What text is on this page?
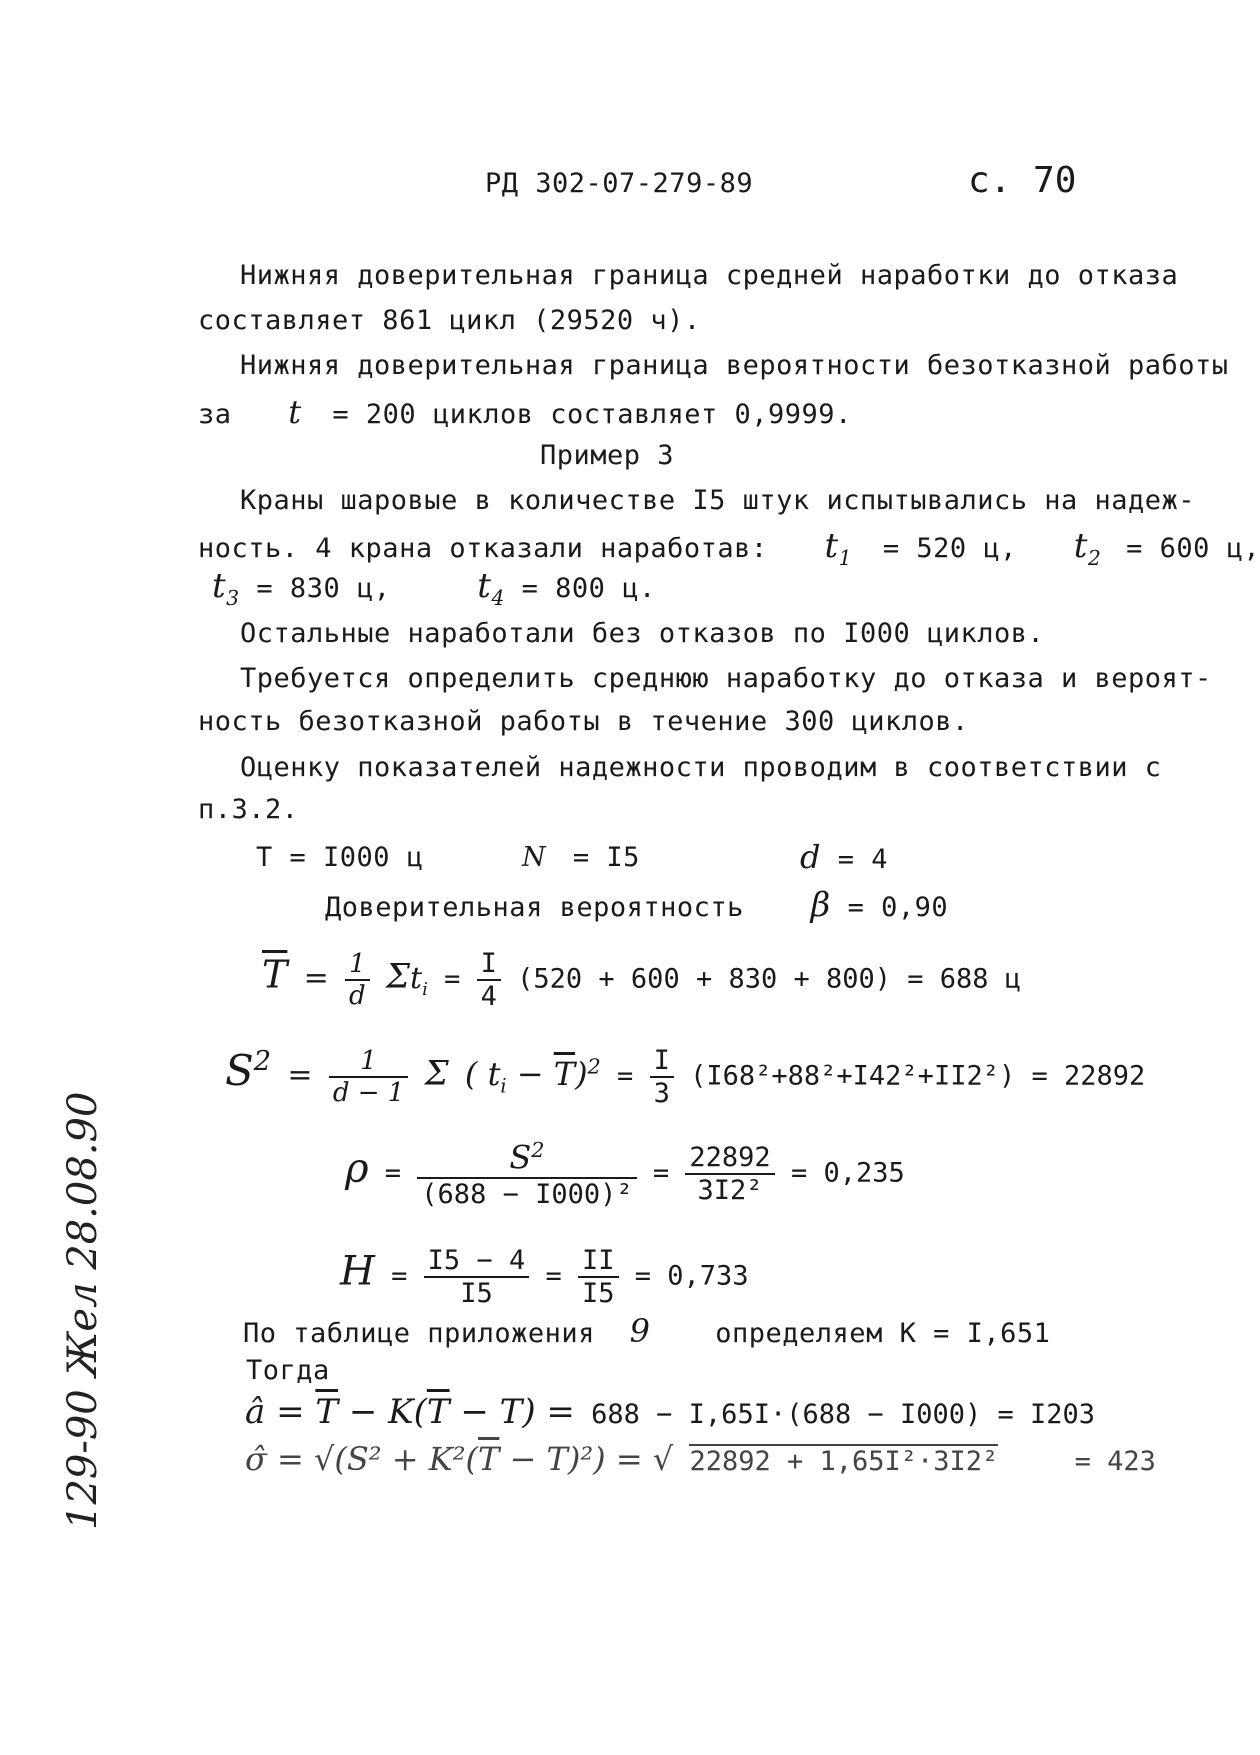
РД 302-07-279-89	с. 70
Нижняя доверительная граница средней наработки до отказа
составляет 861 цикл (29520 ч).
Нижняя доверительная граница вероятности безотказной работы
за t = 200 циклов составляет 0,9999.
Пример 3
Краны шаровые в количестве I5 штук испытывались на надеж-
ность. 4 крана отказали наработав: $t_1 = 520$ ц, $t_2 = 600$ ц,
$t_3 = 830$ ц,	$t_4 = 800$ ц.
Остальные наработали без отказов по I000 циклов.
Требуется определить среднюю наработку до отказа и вероят-
ность безотказной работы в течение 300 циклов.
Оценку показателей надежности проводим в соответствии с
п.3.2.
T = I000 ц	N = I5	d = 4
Доверительная вероятность β = 0,90
$\overline{T} = \frac{1}{d} \Sigma t_i = \frac{I}{4} (520 + 600 + 830 + 800) = 688$ ц
$S^2 = \frac{1}{d - 1}$ Σ ( $t_i - \overline{T})^2 = \frac{I}{3} (I68^2+88^2+I42^2+II2^2) = 22892$
$\rho = \frac{S^2}{\text{(688 − I000)²}} = \frac{22892}{\text{3I2²}} = 0,235$
$H = \frac{I5 - 4}{I5} = \frac{II}{I5} = 0,733$
По таблице приложения 9 определяем К = I,651
Тогда
â = $\overline{T} - K(\overline{T} - T) = 688 - I,65I\cdot(688 - I000) = I203$
σ̂ = $√(S^2 + K^2(\overline{T} - T)^2)$ = √ 22892 + 1,65I²·3I2²	= 423
129-90 Жел 28.08.90
